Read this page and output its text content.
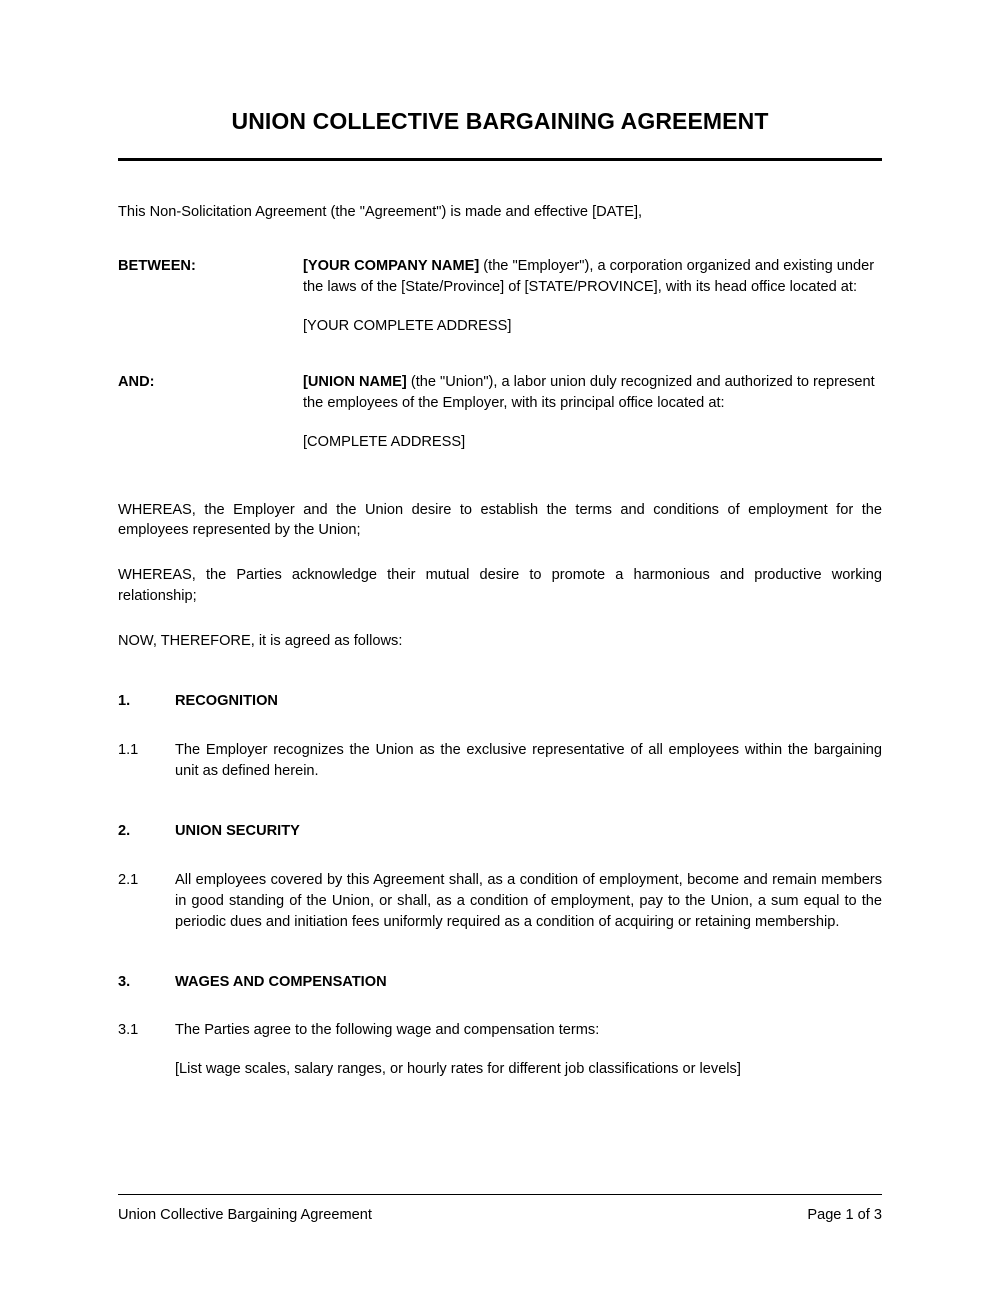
UNION COLLECTIVE BARGAINING AGREEMENT

This Non-Solicitation Agreement (the "Agreement") is made and effective [DATE],

BETWEEN:	[YOUR COMPANY NAME] (the "Employer"), a corporation organized and existing under the laws of the [State/Province] of [STATE/PROVINCE], with its head office located at:

[YOUR COMPLETE ADDRESS]

AND:	[UNION NAME] (the "Union"), a labor union duly recognized and authorized to represent the employees of the Employer, with its principal office located at:

[COMPLETE ADDRESS]

WHEREAS, the Employer and the Union desire to establish the terms and conditions of employment for the employees represented by the Union;

WHEREAS, the Parties acknowledge their mutual desire to promote a harmonious and productive working relationship;

NOW, THEREFORE, it is agreed as follows:

1.	RECOGNITION
1.1	The Employer recognizes the Union as the exclusive representative of all employees within the bargaining unit as defined herein.
2.	UNION SECURITY
2.1	All employees covered by this Agreement shall, as a condition of employment, become and remain members in good standing of the Union, or shall, as a condition of employment, pay to the Union, a sum equal to the periodic dues and initiation fees uniformly required as a condition of acquiring or retaining membership.
3.	WAGES AND COMPENSATION
3.1	The Parties agree to the following wage and compensation terms:

[List wage scales, salary ranges, or hourly rates for different job classifications or levels]

Union Collective Bargaining Agreement	Page 1 of 3
